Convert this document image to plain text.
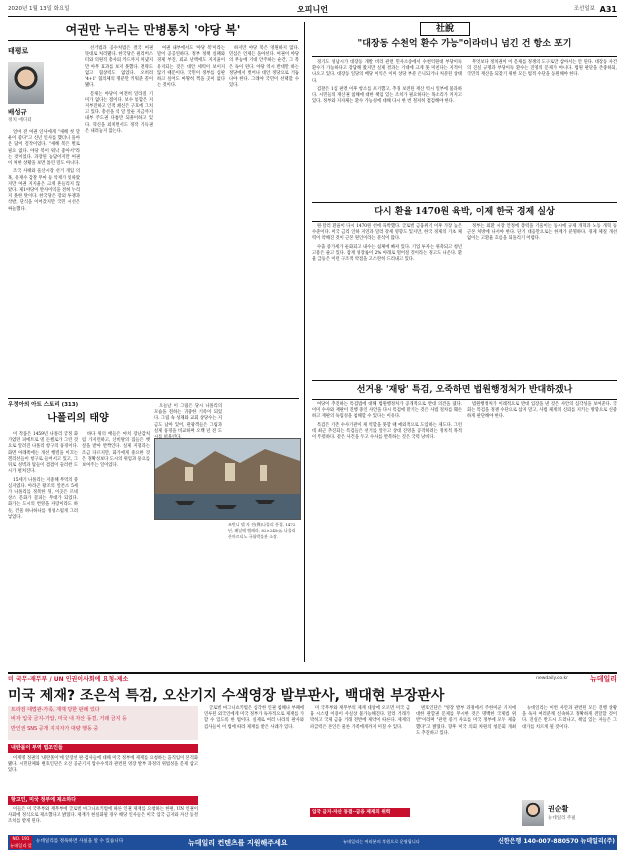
2020년 1월 13일 화요일	오피니언	조선일보 A31
여권만 누리는 만병통치 '야당 복'
태평로
배성규
정치 에디터

얼마 전 여권 인사에게 "새해 첫 달 운이 좋다"고 신년 인사를 했더니 돌아온 답이 걸작이었다. "새해 복은 별로 필요 없다. 야당 복이 워낙 좋아서"라는 것이었다. 과장된 농담이지만 여권이 처한 상황을 보면 틀린 말도 아니다.

조국 사태와 울산시장 선거 개입 의혹, 유재수 감찰 무마 등 악재가 잇따랐지만 여권 지지율은 크게 흔들리지 않았다. 제1야당이 반사이익을 전혀 누리지 못한 탓이다. 한국당은 장외 투쟁과 삭발, 단식을 이어갔지만 국민 시선은 싸늘했다.

선거법과 공수처법은 결국 여권 뜻대로 처리됐다. 한국당은 필리버스터와 의원직 총사퇴 카드까지 꺼냈지만 아무 효과를 보지 못했다. 전략도 없고 협상력도 없었다. 오히려 '4+1' 협의체의 명분만 키워준 꼴이 됐다.

문제는 야당이 여전히 달라질 기미가 없다는 점이다. 보수 통합은 지지부진하고 인적 쇄신은 구호에 그치고 있다. 총선을 석 달 앞둔 지금까지 내부 주도권 다툼만 되풀이하고 있다. 혁신을 외치면서도 정작 기득권은 내려놓지 않는다.

여권 내부에서도 '야당 복'이라는 말이 공공연하다. 정부 정책 실패와 경제 부진, 외교 난맥에도 지지율이 유지되는 것은 대안 세력이 보이지 않기 때문이다. 국민이 정부를 심판하고 싶어도 마땅히 찍을 곳이 없다는 것이다.

하지만 야당 복은 영원하지 않다. 민심은 언제든 돌아선다. 여권이 야당의 무능에 기대 안주하는 순간, 그 복은 독이 된다. 야당 역시 반대만 하는 정당에서 벗어나 대안 정당으로 거듭나야 한다. 그래야 국민이 선택할 수 있다.

우정아의 아트 스토리 (313)
나폴리의 태양

이 작품은 1459년 나폴리 궁정 화가였던 피에트로 델 돈첼로가 그린 것으로 알려진 나폴리 항구의 풍경이다. 화면 아래쪽에는 개선 행렬을 이끄는 갤리선들이 항구로 들어서고 있고, 그 뒤로 성벽과 탑들이 겹겹이 둘러싼 도시가 펼쳐진다.

15세기 나폴리는 지중해 무역의 중심지였다. 아라곤 왕조의 알폰소 5세가 나폴리를 정복한 뒤, 이곳은 르네상스 문화가 꽃피는 무대가 되었다. 화가는 도시의 번영을 자랑이라도 하듯, 건물 하나하나를 정성스럽게 그려 넣었다.

바다 위의 배들은 마치 장난감처럼 가지런하고, 산비탈의 집들은 햇살을 받아 반짝인다. 실제 지형과는 조금 다르지만, 화가에게 중요한 것은 정확성보다 도시의 위엄과 풍요를 보여주는 일이었다.

오늘날 이 그림은 당시 나폴리의 모습을 전하는 귀중한 기록이 되었다. 그림 속 성채와 교회 상당수는 지금도 남아 있어, 관광객들은 그림과 실제 풍경을 비교하며 오백 년 전 도

조반니 델 자 전(傳)나폴리 풍경, 1472년, 패널에 템페라, 82×245㎝, 나폴리 산마르티노 국립박물관 소장.
社說
"대장동 수천억 환수 가능"이라더니 넘긴 건 항소 포기

경기도 성남시가 대장동 개발 비리 관련 민사소송에서 수천억원대 부당이득 환수가 가능하다고 장담해 왔지만 실제 결과는 기대에 크게 못 미친다는 지적이 나오고 있다. 대장동 일당의 배당 이익은 이미 상당 부분 은닉되거나 처분된 상태다.

검찰은 1심 판결 이후 항소를 포기했고, 추징 보전된 재산 역시 일부에 불과하다. 시민들의 재산권 침해에 대한 책임 있는 조치가 필요하다는 목소리가 커지고 있다. 정부와 지자체는 환수 가능성에 대해 다시 한 번 철저히 점검해야 한다.

무엇보다 정치권이 이 문제를 정쟁의 도구로만 삼아서는 안 된다. 대장동 사건의 진실 규명과 부당이득 환수는 진영의 문제가 아니다. 법원 판단을 존중하되, 국민의 재산을 되찾기 위한 모든 법적 수단을 동원해야 한다.

다시 환율 1470원 육박, 이제 한국 경제 실상

원·달러 환율이 다시 1470원 선에 육박했다. 글로벌 금융위기 이후 가장 높은 수준이다. 미국 금리 인하 지연과 달러 강세 영향도 있지만, 한국 경제의 기초 체력이 약해진 것이 근본 원인이라는 분석이 많다.

수출 증가세가 둔화되고 내수는 침체에 빠져 있다. 기업 투자는 위축되고 청년 고용은 줄고 있다. 잠재 성장률이 2% 아래로 떨어질 것이라는 경고도 나온다. 환율 급등은 이런 구조적 약점을 고스란히 드러내고 있다.

정부는 외환 시장 안정에 총력을 기울이는 동시에 규제 개혁과 노동 개혁 등 근본 처방에 나서야 한다. 단기 대응만으로는 한계가 분명하다. 경제 체질 개선 없이는 고환율 흐름을 되돌리기 어렵다.

선거용 '재탕' 특검, 오죽하면 법원행정처가 반대하겠나

여당이 추진하는 특검법에 대해 법원행정처가 공개적으로 반대 의견을 냈다. 이미 수사와 재판이 진행 중인 사안을 다시 특검에 맡기는 것은 사법 절차를 훼손하고 재판의 독립성을 침해할 수 있다는 이유다.

특검은 기존 수사기관이 제 역할을 못할 때 예외적으로 도입하는 제도다. 그런데 최근 추진되는 특검들은 선거를 앞두고 상대 진영을 공격하려는 정치적 목적이 뚜렷하다. 같은 사건을 두고 수사를 반복하는 것은 국력 낭비다.

법원행정처가 이례적으로 반대 입장을 낸 것은 사안의 심각성을 보여준다. 국회는 특검을 정쟁 수단으로 삼지 말고, 사법 체계의 신뢰를 지키는 방향으로 신중하게 판단해야 한다.

미 국무-재무부 / UN 인권이사회에 요청-제소	newdaily.co.kr	뉴데일리
미국 제재? 조은석 특검, 오산기지 수색영장 발부판사, 백대현 부장판사
트라검 대법관-가족, 재재 당한 판례 있다
비자 입국 금지-가압, 미국 내 자산 동결, 거래 금지 등
반인권 SNS 공개 지지자가 대량 행동 중
내란몰이 부역 법조인들

이재명 정권의 '내란몰이'에 앞장선 판·검사들에 대해 미국 정부에 제재를 요청하는 움직임이 본격화됐다. 시민단체와 변호인단은 오산 공군기지 압수수색과 관련된 영장 발부 과정의 위법성을 문제 삼고 있다.

항고인, 미국 정부에 제소하다

이들은 미 국무부와 재무부에 글로벌 마그니츠키법에 따른 인권 제재를 요청하는 한편, UN 인권이사회에 정식으로 제소했다고 밝혔다. 제재가 현실화될 경우 해당 인사들은 미국 입국 금지와 자산 동결 조치를 받게 된다.

글로벌 마그니츠키법은 심각한 인권 침해나 부패에 연루된 외국인에게 미국 정부가 독자적으로 제재를 가할 수 있도록 한 법이다. 실제로 여러 나라의 판사와 검사들이 이 법에 따라 제재를 받은 사례가 있다.

미 국무부와 재무부의 제재 대상에 오르면 미국 금융 시스템 이용이 사실상 불가능해진다. 달러 거래가 막히고 국제 금융 거래 전반에 제약이 따른다. 제재의 파급력은 본인은 물론 가족에게까지 미칠 수 있다.

입국 금지·자산 동결··금융 제재의 위력

변호인단은 "영장 발부 과정에서 주한미군 기지에 대한 관할권 문제를 무시한 것은 명백한 국제법 위반"이라며 "관련 증거 자료를 미국 정부에 모두 제출했다"고 밝혔다. 향후 미국 의회 차원의 청문회 개최도 추진하고 있다.

뉴데일리는 이번 사안과 관련된 모든 진행 상황을 독자 여러분께 신속하고 정확하게 전달할 것이다. 진실은 반드시 드러나고, 책임 있는 자들은 그 대가를 치르게 될 것이다.

권순활
뉴데일리 주필
NO. 191
뉴데일리 칼럼
뉴데일리를 정독하면 사실을 알 수 있습니다	뉴데일리 컨텐츠를 지원해주세요	뉴데일리는 여러분의 후원으로 운영됩니다	신한은행 140-007-880570 뉴데일리(주)
